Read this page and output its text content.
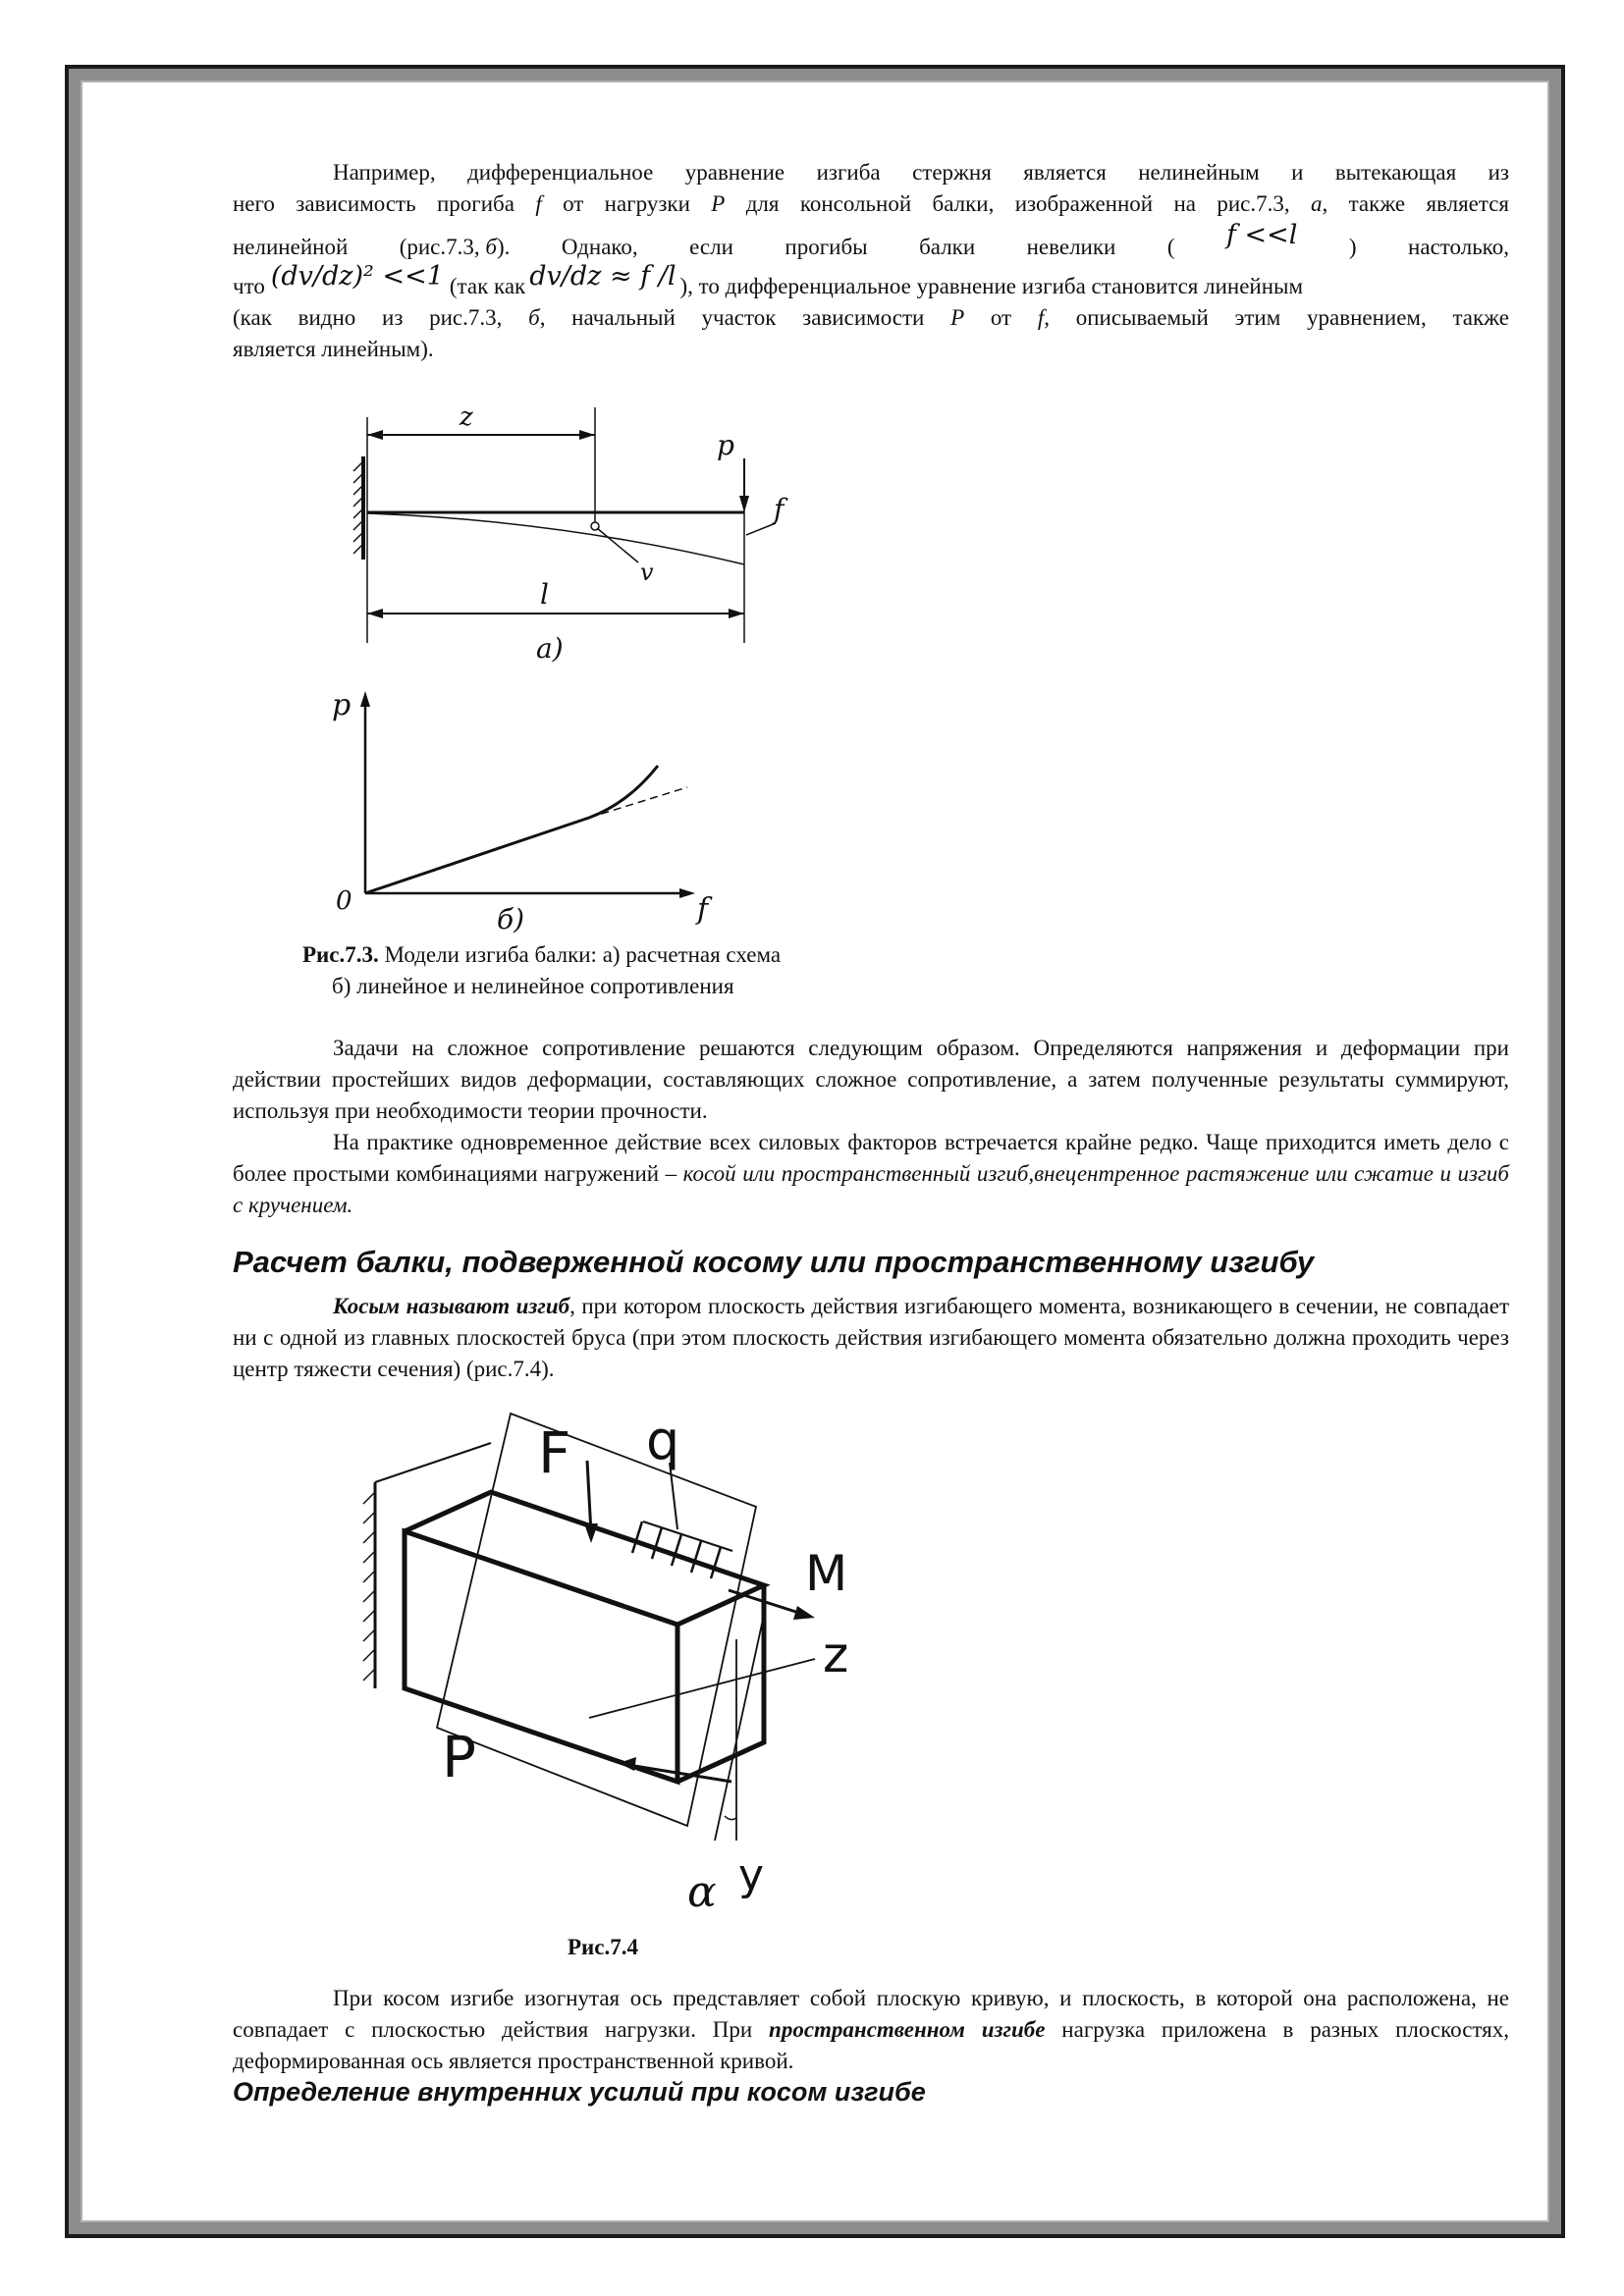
Например, дифференциальное уравнение изгиба стержня является нелинейным и вытекающая из

него зависимость прогиба f от нагрузки P для консольной балки, изображенной на рис.7.3, а, также является

нелинейной (рис.7.3, б). Однако, если прогибы балки невелики ( f <<l ) настолько,

что (dv/dz)² <<1 (так как dv/dz ≈ f /l ), то дифференциальное уравнение изгиба становится линейным

(как видно из рис.7.3, б, начальный участок зависимости P от f, описываемый этим уравнением, также

является линейным).

z
p
f
v
l
а)
p
0	f
б)
Рис.7.3. Модели изгиба балки: а) расчетная схема
б) линейное и нелинейное сопротивления

Задачи на сложное сопротивление решаются следующим образом. Определяются напряжения и деформации при действии простейших видов деформации, составляющих сложное сопротивление, а затем полученные результаты суммируют, используя при необходимости теории прочности.

На практике одновременное действие всех силовых факторов встречается крайне редко. Чаще приходится иметь дело с более простыми комбинациями нагружений – косой или пространственный изгиб,внецентренное растяжение или сжатие и изгиб с кручением.

Расчет балки, подверженной косому или пространственному изгибу

Косым называют изгиб, при котором плоскость действия изгибающего момента, возникающего в сечении, не совпадает ни с одной из главных плоскостей бруса (при этом плоскость действия изгибающего момента обязательно должна проходить через центр тяжести сечения) (рис.7.4).

F q
M
z
P
y
α
Рис.7.4

При косом изгибе изогнутая ось представляет собой плоскую кривую, и плоскость, в которой она расположена, не совпадает с плоскостью действия нагрузки. При пространственном изгибе нагрузка приложена в разных плоскостях, деформированная ось является пространственной кривой.

Определение внутренних усилий при косом изгибе
